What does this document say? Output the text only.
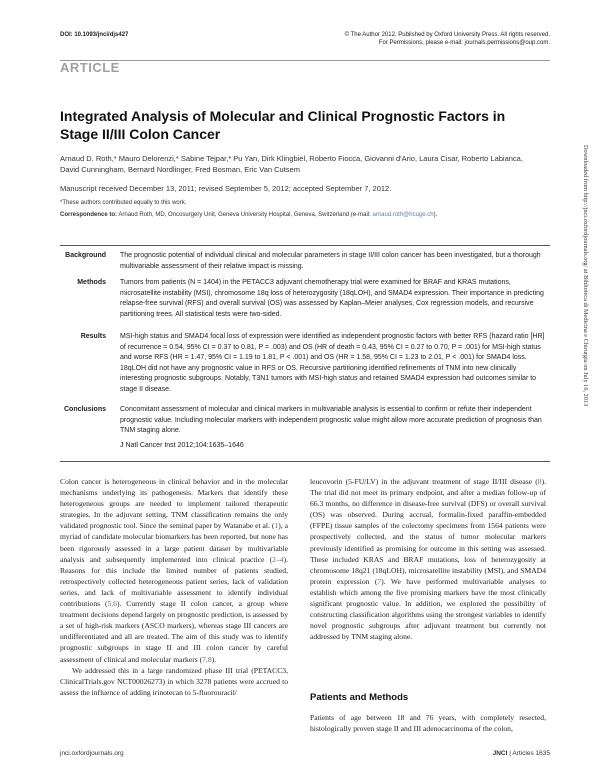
DOI: 10.1093/jnci/djs427	© The Author 2012. Published by Oxford University Press. All rights reserved.
For Permissions, please e-mail: journals.permissions@oup.com.
ARTICLE
Integrated Analysis of Molecular and Clinical Prognostic Factors in Stage II/III Colon Cancer
Arnaud D. Roth,* Mauro Delorenzi,* Sabine Tejpar,* Pu Yan, Dirk Klingbiel, Roberto Fiocca, Giovanni d'Ario, Laura Cisar, Roberto Labianca, David Cunningham, Bernard Nordlinger, Fred Bosman, Eric Van Cutsem
Manuscript received December 13, 2011; revised September 5, 2012; accepted September 7, 2012.
*These authors contributed equally to this work.
Correspondence to: Arnaud Roth, MD, Oncosurgery Unit, Geneva University Hospital, Geneva, Switzerland (e-mail: arnaud.roth@hcuge.ch).
Background The prognostic potential of individual clinical and molecular parameters in stage II/III colon cancer has been investigated, but a thorough multivariable assessment of their relative impact is missing.
Methods Tumors from patients (N = 1404) in the PETACC3 adjuvant chemotherapy trial were examined for BRAF and KRAS mutations, microsatellite instability (MSI), chromosome 18q loss of heterozygosity (18qLOH), and SMAD4 expression. Their importance in predicting relapse-free survival (RFS) and overall survival (OS) was assessed by Kaplan–Meier analyses, Cox regression models, and recursive partitioning trees. All statistical tests were two-sided.
Results MSI-high status and SMAD4 focal loss of expression were identified as independent prognostic factors with better RFS (hazard ratio [HR] of recurrence = 0.54, 95% CI = 0.37 to 0.81, P = .003) and OS (HR of death = 0.43, 95% CI = 0.27 to 0.70, P = .001) for MSI-high status and worse RFS (HR = 1.47, 95% CI = 1.19 to 1.81, P < .001) and OS (HR = 1.58, 95% CI = 1.23 to 2.01, P < .001) for SMAD4 loss. 18qLOH did not have any prognostic value in RFS or OS. Recursive partitioning identified refinements of TNM into new clinically interesting prognostic subgroups. Notably, T3N1 tumors with MSI-high status and retained SMAD4 expression had outcomes similar to stage II disease.
Conclusions Concomitant assessment of molecular and clinical markers in multivariable analysis is essential to confirm or refute their independent prognostic value. Including molecular markers with independent prognostic value might allow more accurate prediction of prognosis than TNM staging alone.
J Natl Cancer Inst 2012;104:1635–1646

Colon cancer is heterogeneous in clinical behavior and in the molecular mechanisms underlying its pathogenesis. Markers that identify these heterogeneous groups are needed to implement tailored therapeutic strategies. In the adjuvant setting, TNM classification remains the only validated prognostic tool. Since the seminal paper by Watanabe et al. (1), a myriad of candidate molecular biomarkers has been reported, but none has been rigorously assessed in a large patient dataset by multivariable analysis and subsequently implemented into clinical practice (2–4). Reasons for this include the limited number of patients studied, retrospectively collected heterogeneous patient series, lack of validation series, and lack of multivariable assessment to identify individual contributions (5,6). Currently stage II colon cancer, a group where treatment decisions depend largely on prognostic prediction, is assessed by a set of high-risk markers (ASCO markers), whereas stage III cancers are undifferentiated and all are treated. The aim of this study was to identify prognostic subgroups in stage II and III colon cancer by careful assessment of clinical and molecular markers (7,8).

We addressed this in a large randomized phase III trial (PETACC3, ClinicalTrials.gov NCT00026273) in which 3278 patients were accrued to assess the influence of adding irinotecan to 5-fluorouracil/

leucovorin (5-FU/LV) in the adjuvant treatment of stage II/III disease (8). The trial did not meet its primary endpoint, and after a median follow-up of 66.3 months, no difference in disease-free survival (DFS) or overall survival (OS) was observed. During accrual, formalin-fixed paraffin-embedded (FFPE) tissue samples of the colectomy specimens from 1564 patients were prospectively collected, and the status of tumor molecular markers previously identified as promising for outcome in this setting was assessed. These included KRAS and BRAF mutations, loss of heterozygosity at chromosome 18q21 (18qLOH), microsatellite instability (MSI), and SMAD4 protein expression (7). We have performed multivariable analyses to establish which among the five promising markers have the most clinically significant prognostic value. In addition, we explored the possibility of constructing classification algorithms using the strongest variables to identify novel prognostic subgroups after adjuvant treatment but currently not addressed by TNM staging alone.

Patients and Methods
Patients of age between 18 and 76 years, with completely resected, histologically proven stage II and III adenocarcinoma of the colon,
jnci.oxfordjournals.org	JNCI | Articles 1635
Downloaded from http://jnci.oxfordjournals.org/ at Biblioteca di Medicina e Chirurgia on July 16, 2013
